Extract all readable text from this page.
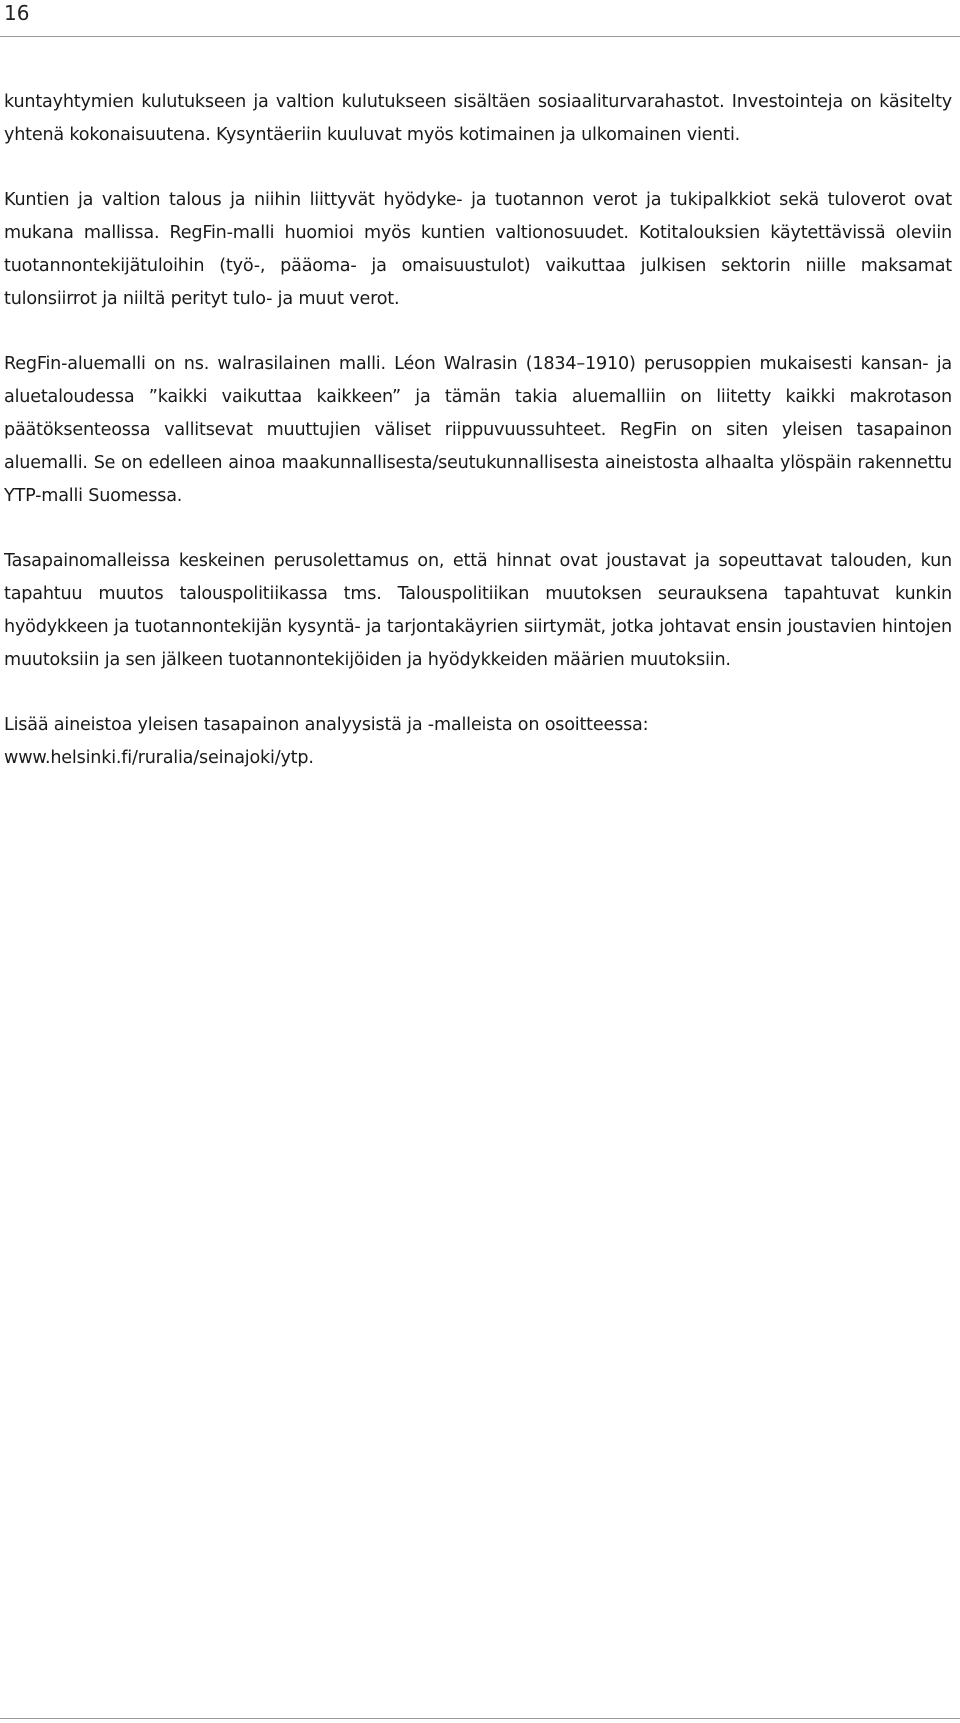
16

kuntayhtymien kulutukseen ja valtion kulutukseen sisältäen sosiaaliturvarahastot. Investointeja on käsitelty yhtenä kokonaisuutena. Kysyntäeriin kuuluvat myös kotimainen ja ulkomainen vienti.

Kuntien ja valtion talous ja niihin liittyvät hyödyke- ja tuotannon verot ja tukipalkkiot sekä tuloverot ovat mukana mallissa. RegFin-malli huomioi myös kuntien valtionosuudet. Kotitalouksien käytettävissä oleviin tuotannontekijätuloihin (työ-, pääoma- ja omaisuustulot) vaikuttaa julkisen sektorin niille maksamat tulonsiirrot ja niiltä perityt tulo- ja muut verot.

RegFin-aluemalli on ns. walrasilainen malli. Léon Walrasin (1834–1910) perusoppien mukaisesti kansan- ja aluetaloudessa ”kaikki vaikuttaa kaikkeen” ja tämän takia aluemalliin on liitetty kaikki makrotason päätöksenteossa vallitsevat muuttujien väliset riippuvuussuhteet. RegFin on siten yleisen tasapainon aluemalli. Se on edelleen ainoa maakunnallisesta/seutukunnallisesta aineistosta alhaalta ylöspäin rakennettu YTP-malli Suomessa.

Tasapainomalleissa keskeinen perusolettamus on, että hinnat ovat joustavat ja sopeuttavat talouden, kun tapahtuu muutos talouspolitiikassa tms. Talouspolitiikan muutoksen seurauksena tapahtuvat kunkin hyödykkeen ja tuotannontekijän kysyntä- ja tarjontakäyrien siirtymät, jotka johtavat ensin joustavien hintojen muutoksiin ja sen jälkeen tuotannontekijöiden ja hyödykkeiden määrien muutoksiin.

Lisää aineistoa yleisen tasapainon analyysistä ja -malleista on osoitteessa:
www.helsinki.fi/ruralia/seinajoki/ytp.
